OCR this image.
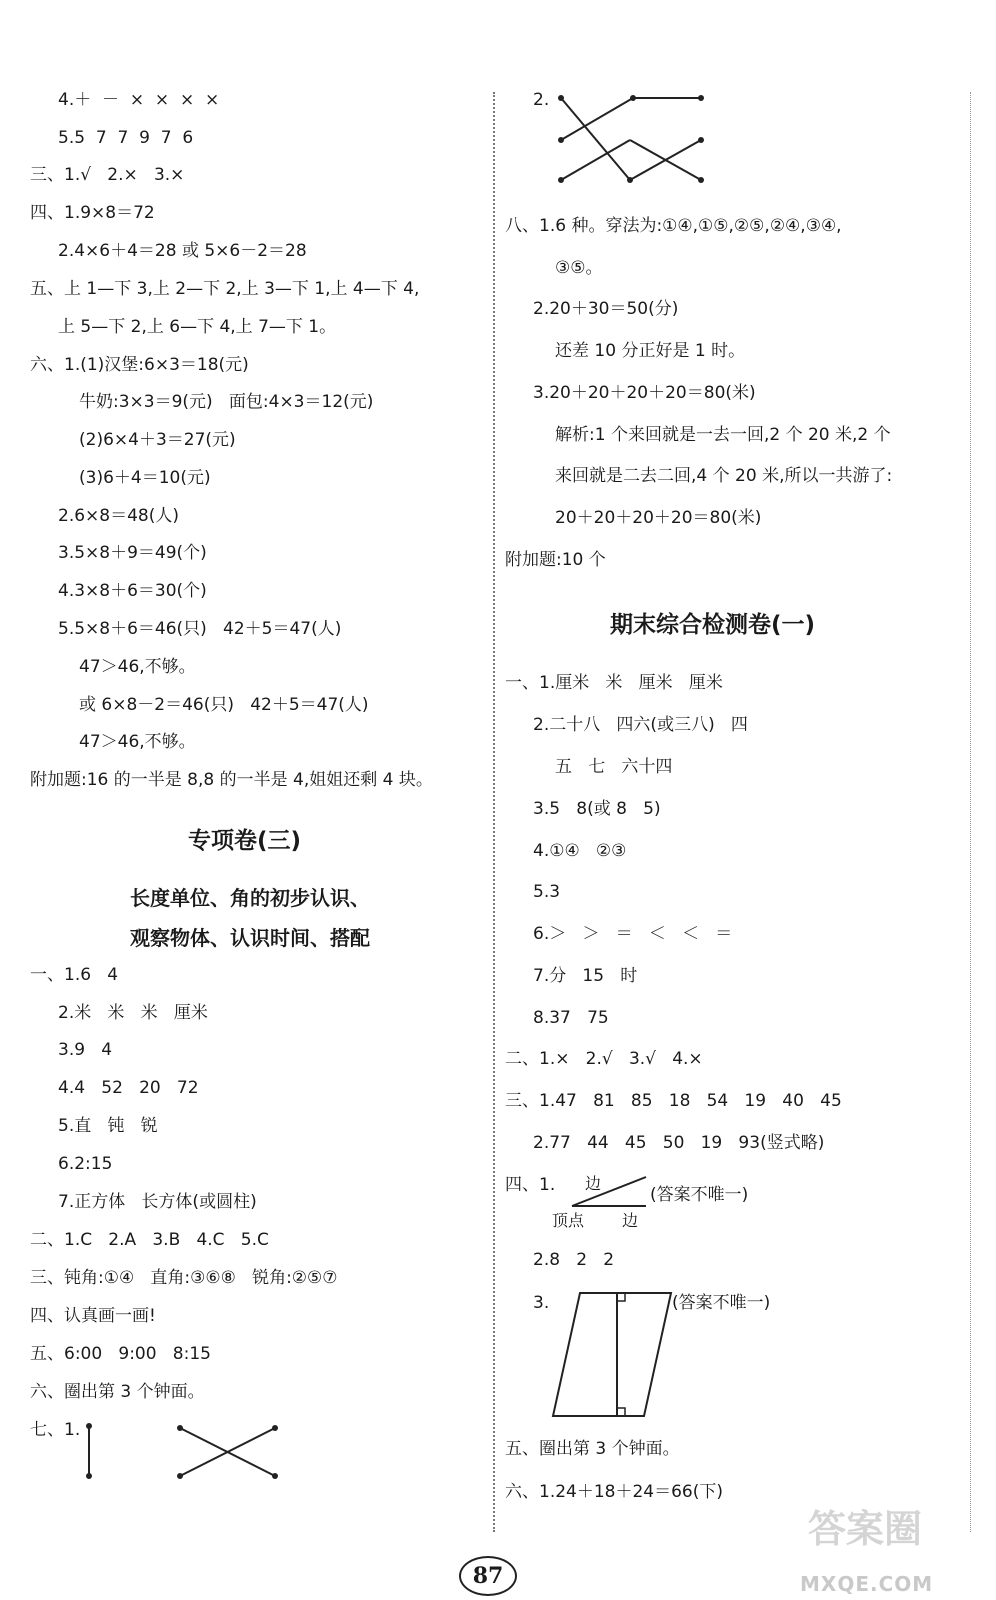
4.＋  －  ×  ×  ×  ×
5.5  7  7  9  7  6
三、1.√   2.×   3.×
四、1.9×8＝72
2.4×6＋4＝28 或 5×6－2＝28
五、上 1—下 3,上 2—下 2,上 3—下 1,上 4—下 4,
上 5—下 2,上 6—下 4,上 7—下 1。
六、1.(1)汉堡:6×3＝18(元)
牛奶:3×3＝9(元)   面包:4×3＝12(元)
(2)6×4＋3＝27(元)
(3)6＋4＝10(元)
2.6×8＝48(人)
3.5×8＋9＝49(个)
4.3×8＋6＝30(个)
5.5×8＋6＝46(只)   42＋5＝47(人)
47＞46,不够。
或 6×8－2＝46(只)   42＋5＝47(人)
47＞46,不够。
附加题:16 的一半是 8,8 的一半是 4,姐姐还剩 4 块。
专项卷(三)
长度单位、角的初步认识、
观察物体、认识时间、搭配
一、1.6   4
2.米   米   米   厘米
3.9   4
4.4   52   20   72
5.直   钝   锐
6.2:15
7.正方体   长方体(或圆柱)
二、1.C   2.A   3.B   4.C   5.C
三、钝角:①④   直角:③⑥⑧   锐角:②⑤⑦
四、认真画一画!
五、6:00   9:00   8:15
六、圈出第 3 个钟面。
七、1.
2.
八、1.6 种。穿法为:①④,①⑤,②⑤,②④,③④,
③⑤。
2.20＋30＝50(分)
还差 10 分正好是 1 时。
3.20＋20＋20＋20＝80(米)
解析:1 个来回就是一去一回,2 个 20 米,2 个
来回就是二去二回,4 个 20 米,所以一共游了:
20＋20＋20＋20＝80(米)
附加题:10 个
期末综合检测卷(一)
一、1.厘米   米   厘米   厘米
2.二十八   四六(或三八)   四
五   七   六十四
3.5   8(或 8   5)
4.①④   ②③
5.3
6.＞   ＞   ＝   ＜   ＜   ＝
7.分   15   时
8.37   75
二、1.×   2.√   3.√   4.×
三、1.47   81   85   18   54   19   40   45
2.77   44   45   50   19   93(竖式略)
四、1. 边
顶点 边
(答案不唯一)
2.8   2   2
3.	(答案不唯一)
五、圈出第 3 个钟面。
六、1.24＋18＋24＝66(下)
87
答案圈
MXQE.COM
